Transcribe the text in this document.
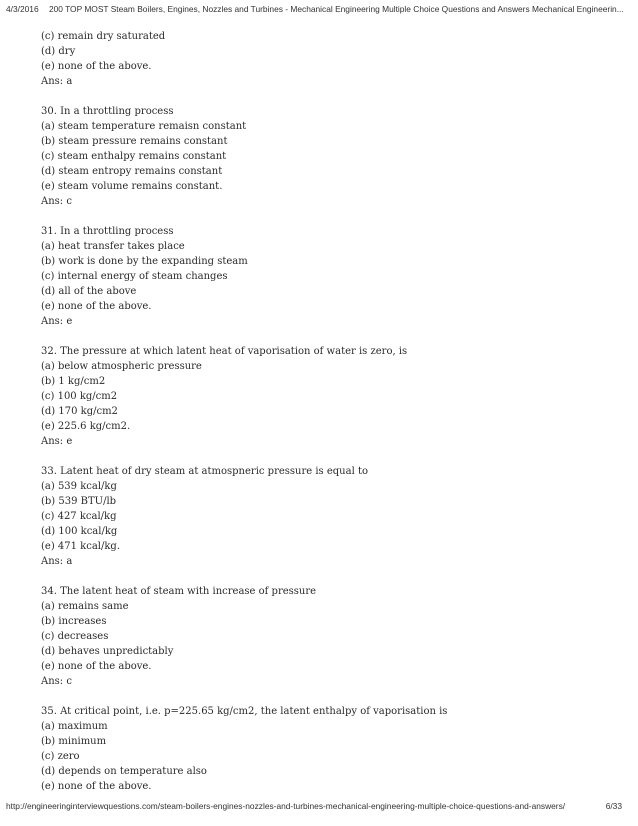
4/3/2016 200 TOP MOST Steam Boilers, Engines, Nozzles and Turbines - Mechanical Engineering Multiple Choice Questions and Answers Mechanical Engineerin...
(c) remain dry saturated
(d) dry
(e) none of the above.
Ans: a
30. In a throttling process
(a) steam temperature remaisn constant
(b) steam pressure remains constant
(c) steam enthalpy remains constant
(d) steam entropy remains constant
(e) steam volume remains constant.
Ans: c
31. In a throttling process
(a) heat transfer takes place
(b) work is done by the expanding steam
(c) internal energy of steam changes
(d) all of the above
(e) none of the above.
Ans: e
32. The pressure at which latent heat of vaporisation of water is zero, is
(a) below atmospheric pressure
(b) 1 kg/cm2
(c) 100 kg/cm2
(d) 170 kg/cm2
(e) 225.6 kg/cm2.
Ans: e
33. Latent heat of dry steam at atmospneric pressure is equal to
(a) 539 kcal/kg
(b) 539 BTU/lb
(c) 427 kcal/kg
(d) 100 kcal/kg
(e) 471 kcal/kg.
Ans: a
34. The latent heat of steam with increase of pressure
(a) remains same
(b) increases
(c) decreases
(d) behaves unpredictably
(e) none of the above.
Ans: c
35. At critical point, i.e. p=225.65 kg/cm2, the latent enthalpy of vaporisation is
(a) maximum
(b) minimum
(c) zero
(d) depends on temperature also
(e) none of the above.
http://engineeringinterviewquestions.com/steam-boilers-engines-nozzles-and-turbines-mechanical-engineering-multiple-choice-questions-and-answers/	6/33
